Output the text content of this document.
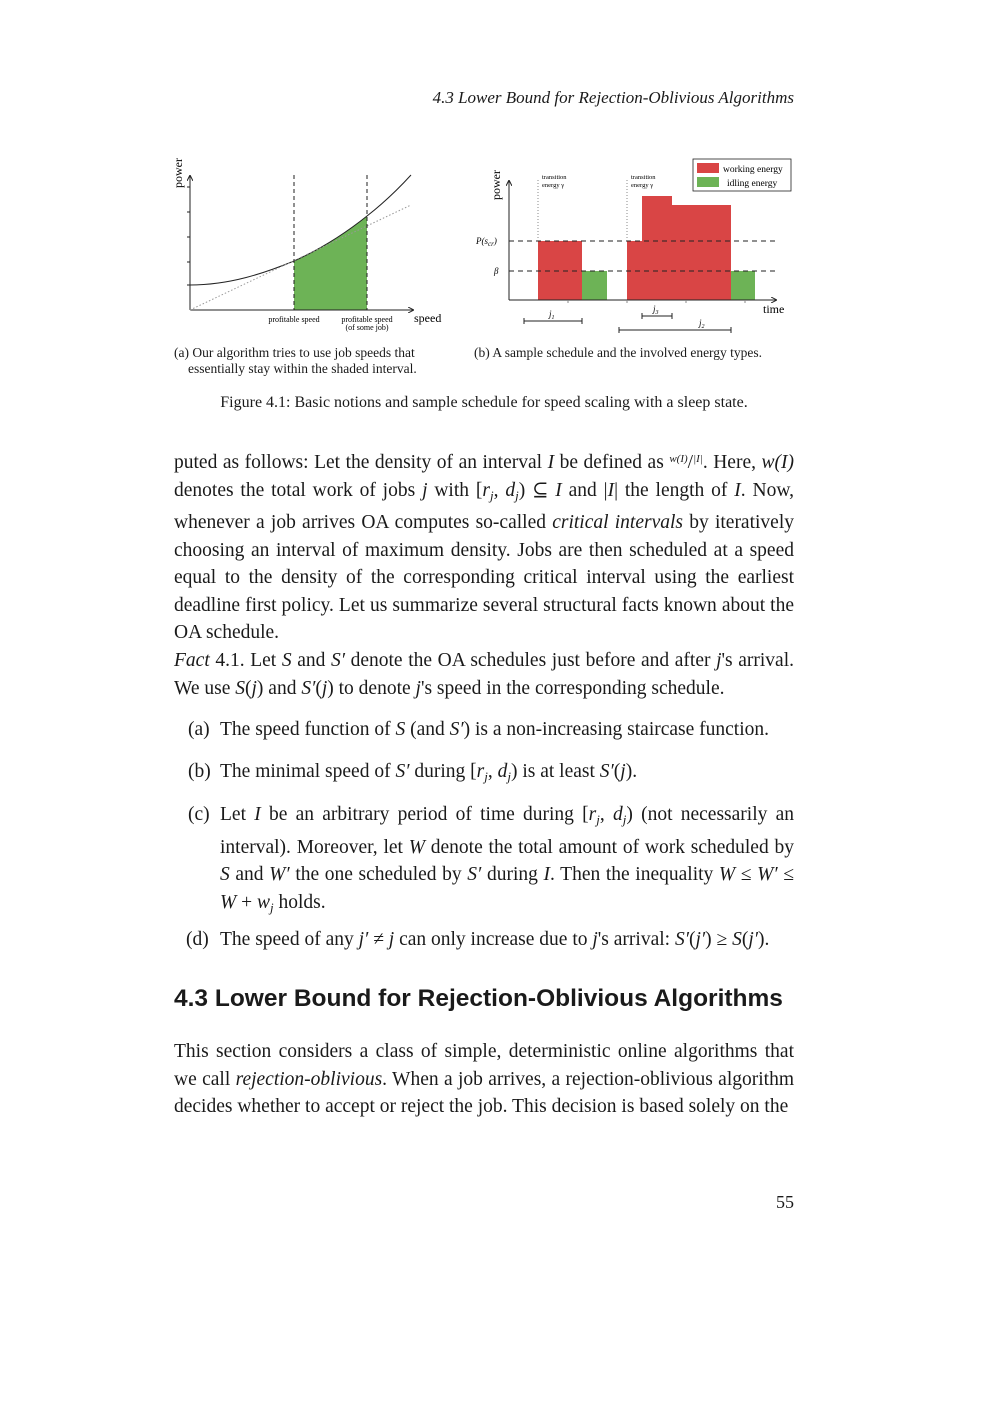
4.3 Lower Bound for Rejection-Oblivious Algorithms
power
speed
profitable speed	profitable speed
(of some job)
transition
energy γ
transition
energy γ
power
time
$P(s_{cr})$
β
$j_1$
$j_3$
$j_2$
working energy
idling energy
(a) Our algorithm tries to use job speeds that
essentially stay within the shaded interval.
(b) A sample schedule and the involved energy types.
Figure 4.1: Basic notions and sample schedule for speed scaling with a sleep state.
puted as follows: Let the density of an interval I be defined as $^{w(I)}$/$^{|I|}$. Here, w(I) denotes the total work of jobs j with [$r_j$, $d_j$) ⊆ I and |I| the length of I. Now, whenever a job arrives OA computes so-called critical intervals by iteratively choosing an interval of maximum density. Jobs are then scheduled at a speed equal to the density of the corresponding critical interval using the earliest deadline first policy. Let us summarize several structural facts known about the OA schedule.
Fact 4.1. Let S and S′ denote the OA schedules just before and after j's arrival. We use S(j) and S′(j) to denote j's speed in the corresponding schedule.
(a) The speed function of S (and S′) is a non-increasing staircase function.
(b) The minimal speed of S′ during [$r_j$, $d_j$) is at least S′(j).
(c) Let I be an arbitrary period of time during [$r_j$, $d_j$) (not necessarily an interval). Moreover, let W denote the total amount of work scheduled by S and W′ the one scheduled by S′ during I. Then the inequality $W \le W' \le W + w_j$ holds.
(d) The speed of any j′ ≠ j can only increase due to j's arrival: S′(j′) ≥ S(j′).
4.3 Lower Bound for Rejection-Oblivious Algorithms
This section considers a class of simple, deterministic online algorithms that we call rejection-oblivious. When a job arrives, a rejection-oblivious algorithm decides whether to accept or reject the job. This decision is based solely on the
55
